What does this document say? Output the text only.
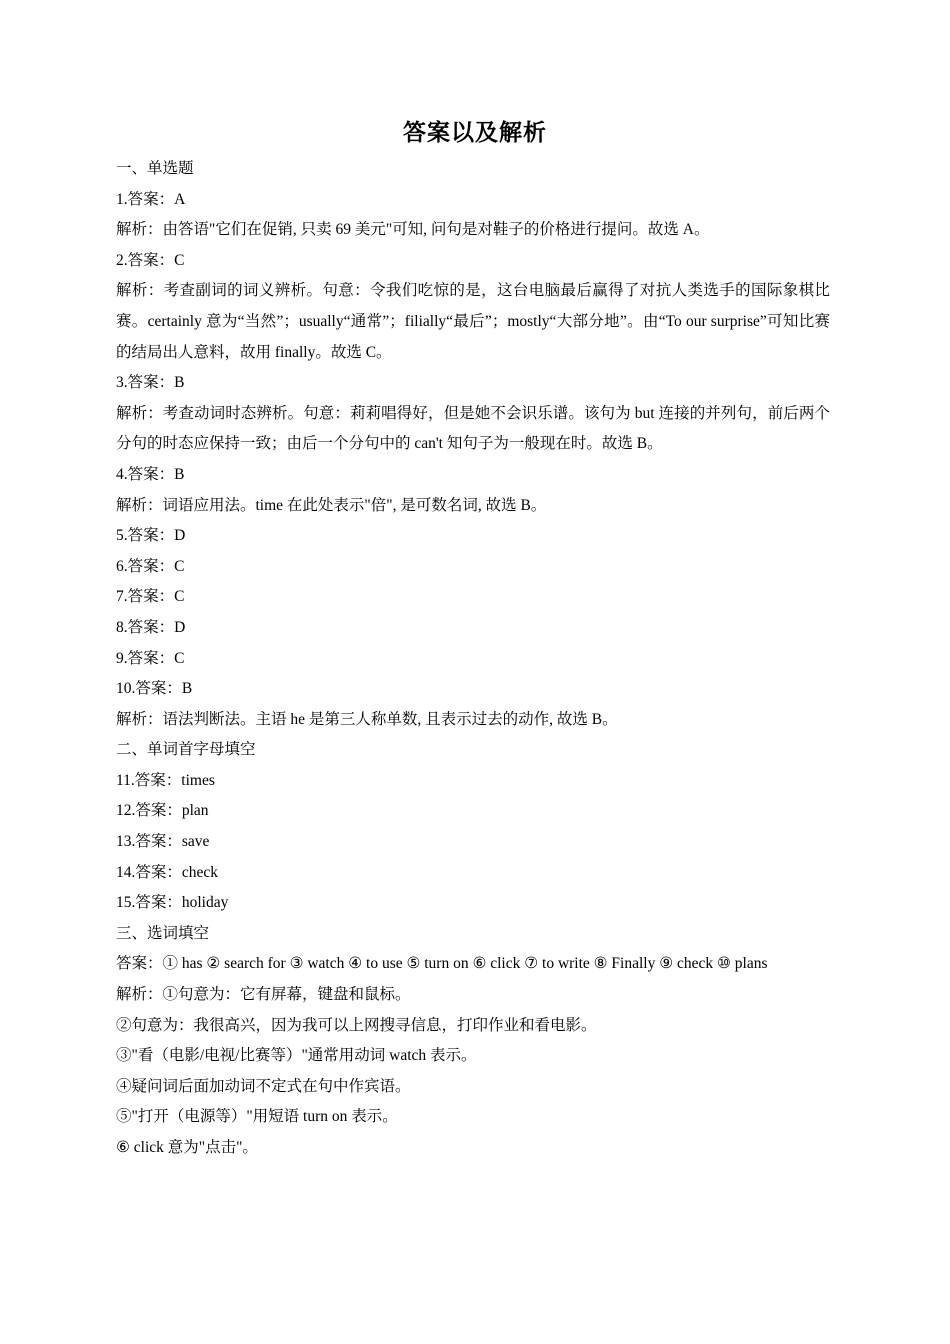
答案以及解析

一、单选题

1.答案：A

解析：由答语"它们在促销, 只卖 69 美元"可知, 问句是对鞋子的价格进行提问。故选 A。

2.答案：C

解析：考查副词的词义辨析。句意：令我们吃惊的是，这台电脑最后赢得了对抗人类选手的国际象棋比赛。certainly 意为“当然”；usually“通常”；filially“最后”；mostly“大部分地”。由“To our surprise”可知比赛的结局出人意料，故用 finally。故选 C。

3.答案：B

解析：考查动词时态辨析。句意：莉莉唱得好，但是她不会识乐谱。该句为 but 连接的并列句，前后两个分句的时态应保持一致；由后一个分句中的 can't 知句子为一般现在时。故选 B。

4.答案：B

解析：词语应用法。time 在此处表示"倍", 是可数名词, 故选 B。

5.答案：D

6.答案：C

7.答案：C

8.答案：D

9.答案：C

10.答案：B

解析：语法判断法。主语 he 是第三人称单数, 且表示过去的动作, 故选 B。

二、单词首字母填空

11.答案：times

12.答案：plan

13.答案：save

14.答案：check

15.答案：holiday

三、选词填空

答案：① has ② search for ③ watch ④ to use ⑤ turn on ⑥ click ⑦ to write ⑧ Finally ⑨ check ⑩ plans

解析：①句意为：它有屏幕，键盘和鼠标。

②句意为：我很高兴，因为我可以上网搜寻信息，打印作业和看电影。

③"看（电影/电视/比赛等）"通常用动词 watch 表示。

④疑问词后面加动词不定式在句中作宾语。

⑤"打开（电源等）"用短语 turn on 表示。

⑥ click 意为"点击"。
